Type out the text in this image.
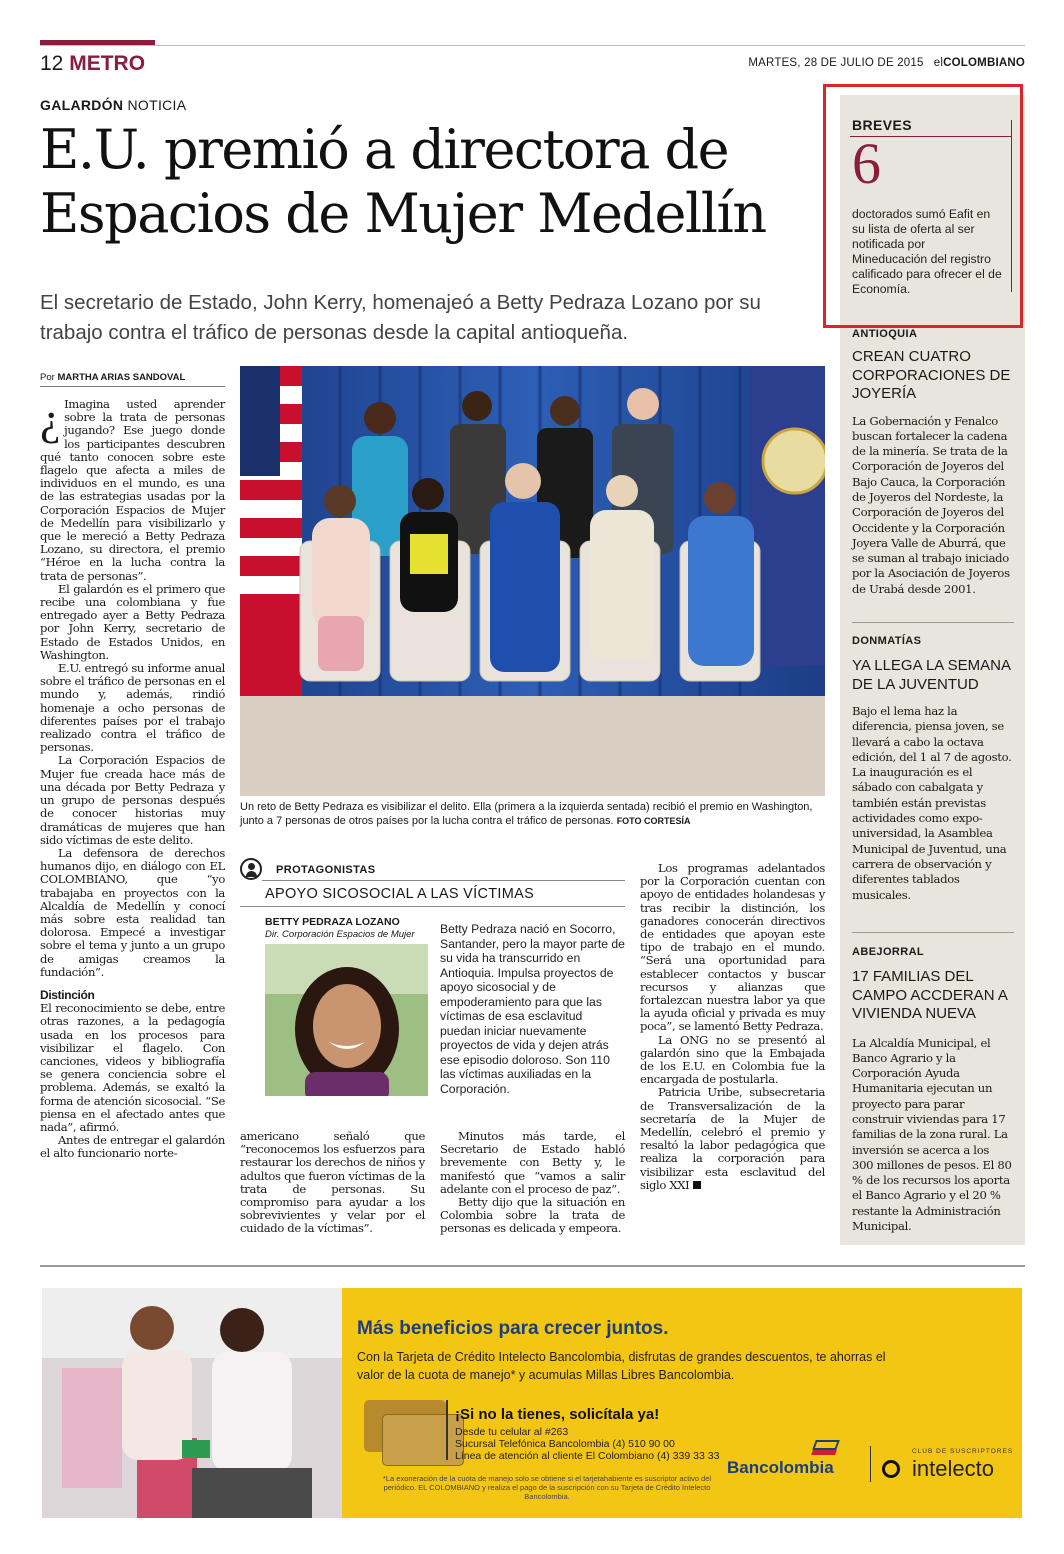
12 METRO	MARTES, 28 DE JULIO DE 2015 elCOLOMBIANO
GALARDÓN NOTICIA
E.U. premió a directora de
Espacios de Mujer Medellín
El secretario de Estado, John Kerry, homenajeó a Betty Pedraza Lozano por su trabajo contra el tráfico de personas desde la capital antioqueña.
Por MARTHA ARIAS SANDOVAL

¿ Imagina usted aprender sobre la trata de personas jugando? Ese juego donde los participantes descubren qué tanto conocen sobre este flagelo que afecta a miles de individuos en el mundo, es una de las estrategias usadas por la Corporación Espacios de Mujer de Medellín para visibilizarlo y que le mereció a Betty Pedraza Lozano, su directora, el premio “Héroe en la lucha contra la trata de personas”.

El galardón es el primero que recibe una colombiana y fue entregado ayer a Betty Pedraza por John Kerry, secretario de Estado de Estados Unidos, en Washington.

E.U. entregó su informe anual sobre el tráfico de personas en el mundo y, además, rindió homenaje a ocho personas de diferentes países por el trabajo realizado contra el tráfico de personas.

La Corporación Espacios de Mujer fue creada hace más de una década por Betty Pedraza y un grupo de personas después de conocer historias muy dramáticas de mujeres que han sido víctimas de este delito.

La defensora de derechos humanos dijo, en diálogo con EL COLOMBIANO, que “yo trabajaba en proyectos con la Alcaldía de Medellín y conocí más sobre esta realidad tan dolorosa. Empecé a investigar sobre el tema y junto a un grupo de amigas creamos la fundación”.

Distinción

El reconocimiento se debe, entre otras razones, a la pedagogía usada en los procesos para visibilizar el flagelo. Con canciones, videos y bibliografía se genera conciencia sobre el problema. Además, se exaltó la forma de atención sicosocial. “Se piensa en el afectado antes que nada”, afirmó.

Antes de entregar el galardón el alto funcionario norte-

Un reto de Betty Pedraza es visibilizar el delito. Ella (primera a la izquierda sentada) recibió el premio en Washington, junto a 7 personas de otros países por la lucha contra el tráfico de personas. FOTO CORTESÍA
PROTAGONISTAS
APOYO SICOSOCIAL A LAS VÍCTIMAS
BETTY PEDRAZA LOZANO
Dir. Corporación Espacios de Mujer Betty Pedraza nació en Socorro, Santander, pero la mayor parte de su vida ha transcurrido en Antioquia. Impulsa proyectos de apoyo sicosocial y de empoderamiento para que las víctimas de esa esclavitud puedan iniciar nuevamente proyectos de vida y dejen atrás ese episodio doloroso. Son 110 las víctimas auxiliadas en la Corporación.

americano señaló que “reconocemos los esfuerzos para restaurar los derechos de niños y adultos que fueron víctimas de la trata de personas. Su compromiso para ayudar a los sobrevivientes y velar por el cuidado de la víctimas”.

Minutos más tarde, el Secretario de Estado habló brevemente con Betty y, le manifestó que “vamos a salir adelante con el proceso de paz”.

Betty dijo que la situación en Colombia sobre la trata de personas es delicada y empeora.

Los programas adelantados por la Corporación cuentan con apoyo de entidades holandesas y tras recibir la distinción, los ganadores conocerán directivos de entidades que apoyan este tipo de trabajo en el mundo. “Será una oportunidad para establecer contactos y buscar recursos y alianzas que fortalezcan nuestra labor ya que la ayuda oficial y privada es muy poca”, se lamentó Betty Pedraza.

La ONG no se presentó al galardón sino que la Embajada de los E.U. en Colombia fue la encargada de postularla.

Patricia Uribe, subsecretaria de Transversalización de la secretaría de la Mujer de Medellín, celebró el premio y resaltó la labor pedagógica que realiza la corporación para visibilizar esta esclavitud del siglo XXI

BREVES
6
doctorados sumó Eafit en su lista de oferta al ser notificada por Mineducación del registro calificado para ofrecer el de Economía.
ANTIOQUIA
CREAN CUATRO CORPORACIONES DE JOYERÍA
La Gobernación y Fenalco buscan fortalecer la cadena de la minería. Se trata de la Corporación de Joyeros del Bajo Cauca, la Corporación de Joyeros del Nordeste, la Corporación de Joyeros del Occidente y la Corporación Joyera Valle de Aburrá, que se suman al trabajo iniciado por la Asociación de Joyeros de Urabá desde 2001.
DONMATÍAS
YA LLEGA LA SEMANA DE LA JUVENTUD
Bajo el lema haz la diferencia, piensa joven, se llevará a cabo la octava edición, del 1 al 7 de agosto. La inauguración es el sábado con cabalgata y también están previstas actividades como expo-universidad, la Asamblea Municipal de Juventud, una carrera de observación y diferentes tablados musicales.
ABEJORRAL
17 FAMILIAS DEL CAMPO ACCDERAN A VIVIENDA NUEVA
La Alcaldía Municipal, el Banco Agrario y la Corporación Ayuda Humanitaria ejecutan un proyecto para parar construir viviendas para 17 familias de la zona rural. La inversión se acerca a los 300 millones de pesos. El 80 % de los recursos los aporta el Banco Agrario y el 20 % restante la Administración Municipal.
Más beneficios para crecer juntos.
Con la Tarjeta de Crédito Intelecto Bancolombia, disfrutas de grandes descuentos, te ahorras el valor de la cuota de manejo* y acumulas Millas Libres Bancolombia.
¡Si no la tienes, solicítala ya!
Desde tu celular al #263
Sucursal Telefónica Bancolombia (4) 510 90 00
Línea de atención al cliente El Colombiano (4) 339 33 33
*La exoneración de la cuota de manejo solo se obtiene si el tarjetahabiente es suscriptor activo del periódico. EL COLOMBIANO y realiza el pago de la suscripción con su Tarjeta de Crédito Intelecto Bancolombia.
Bancolombia
CLUB DE SUSCRIPTORES
intelecto
